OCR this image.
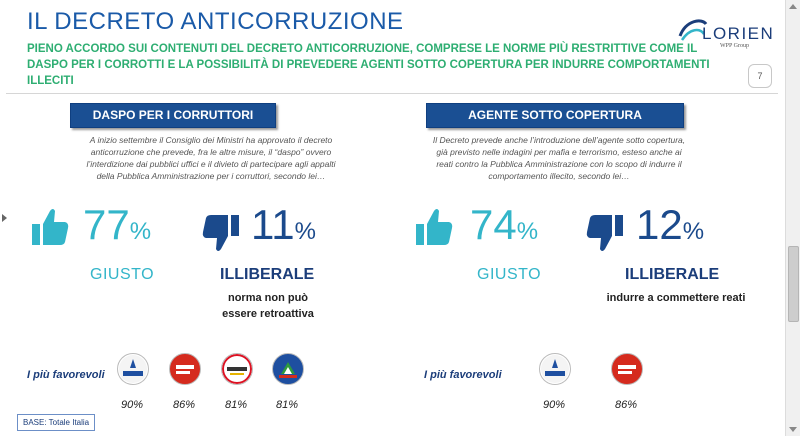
IL DECRETO ANTICORRUZIONE
PIENO ACCORDO SUI CONTENUTI DEL DECRETO ANTICORRUZIONE, COMPRESE LE NORME PIÙ RESTRITTIVE COME IL DASPO PER I CORROTTI E LA POSSIBILITÀ DI PREVEDERE AGENTI SOTTO COPERTURA PER INDURRE COMPORTAMENTI ILLECITI
LORIEN
WPP Group
7
DASPO PER I CORRUTTORI
A inizio settembre il Consiglio dei Ministri ha approvato il decreto anticorruzione che prevede, fra le altre misure, il “daspo” ovvero l’interdizione dai pubblici uffici e il divieto di partecipare agli appalti della Pubblica Amministrazione per i corruttori, secondo lei…
77% 11%
GIUSTO	ILLIBERALE
norma non può essere retroattiva
I più favorevoli
90%	86%	81%	81%
AGENTE SOTTO COPERTURA
Il Decreto prevede anche l’introduzione dell’agente sotto copertura, già previsto nelle indagini per mafia e terrorismo, esteso anche ai reati contro la Pubblica Amministrazione con lo scopo di indurre il comportamento illecito, secondo lei…
74% 12%
GIUSTO	ILLIBERALE
indurre a commettere reati
I più favorevoli
90%	86%
BASE: Totale Italia
